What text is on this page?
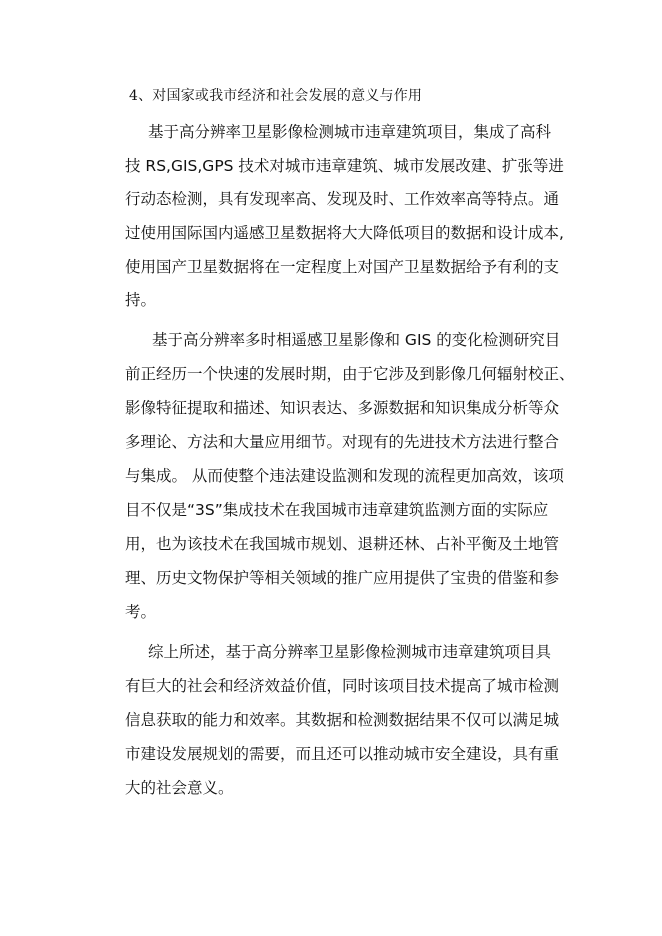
4、对国家或我市经济和社会发展的意义与作用
基于高分辨率卫星影像检测城市违章建筑项目，集成了高科
技 RS,GIS,GPS 技术对城市违章建筑、城市发展改建、扩张等进
行动态检测，具有发现率高、发现及时、工作效率高等特点。通
过使用国际国内遥感卫星数据将大大降低项目的数据和设计成本,
使用国产卫星数据将在一定程度上对国产卫星数据给予有利的支
持。
基于高分辨率多时相遥感卫星影像和 GIS 的变化检测研究目
前正经历一个快速的发展时期，由于它涉及到影像几何辐射校正、
影像特征提取和描述、知识表达、多源数据和知识集成分析等众
多理论、方法和大量应用细节。对现有的先进技术方法进行整合
与集成。 从而使整个违法建设监测和发现的流程更加高效，该项
目不仅是“3S”集成技术在我国城市违章建筑监测方面的实际应
用，也为该技术在我国城市规划、退耕还林、占补平衡及土地管
理、历史文物保护等相关领域的推广应用提供了宝贵的借鉴和参
考。
综上所述，基于高分辨率卫星影像检测城市违章建筑项目具
有巨大的社会和经济效益价值，同时该项目技术提高了城市检测
信息获取的能力和效率。其数据和检测数据结果不仅可以满足城
市建设发展规划的需要，而且还可以推动城市安全建设，具有重
大的社会意义。
